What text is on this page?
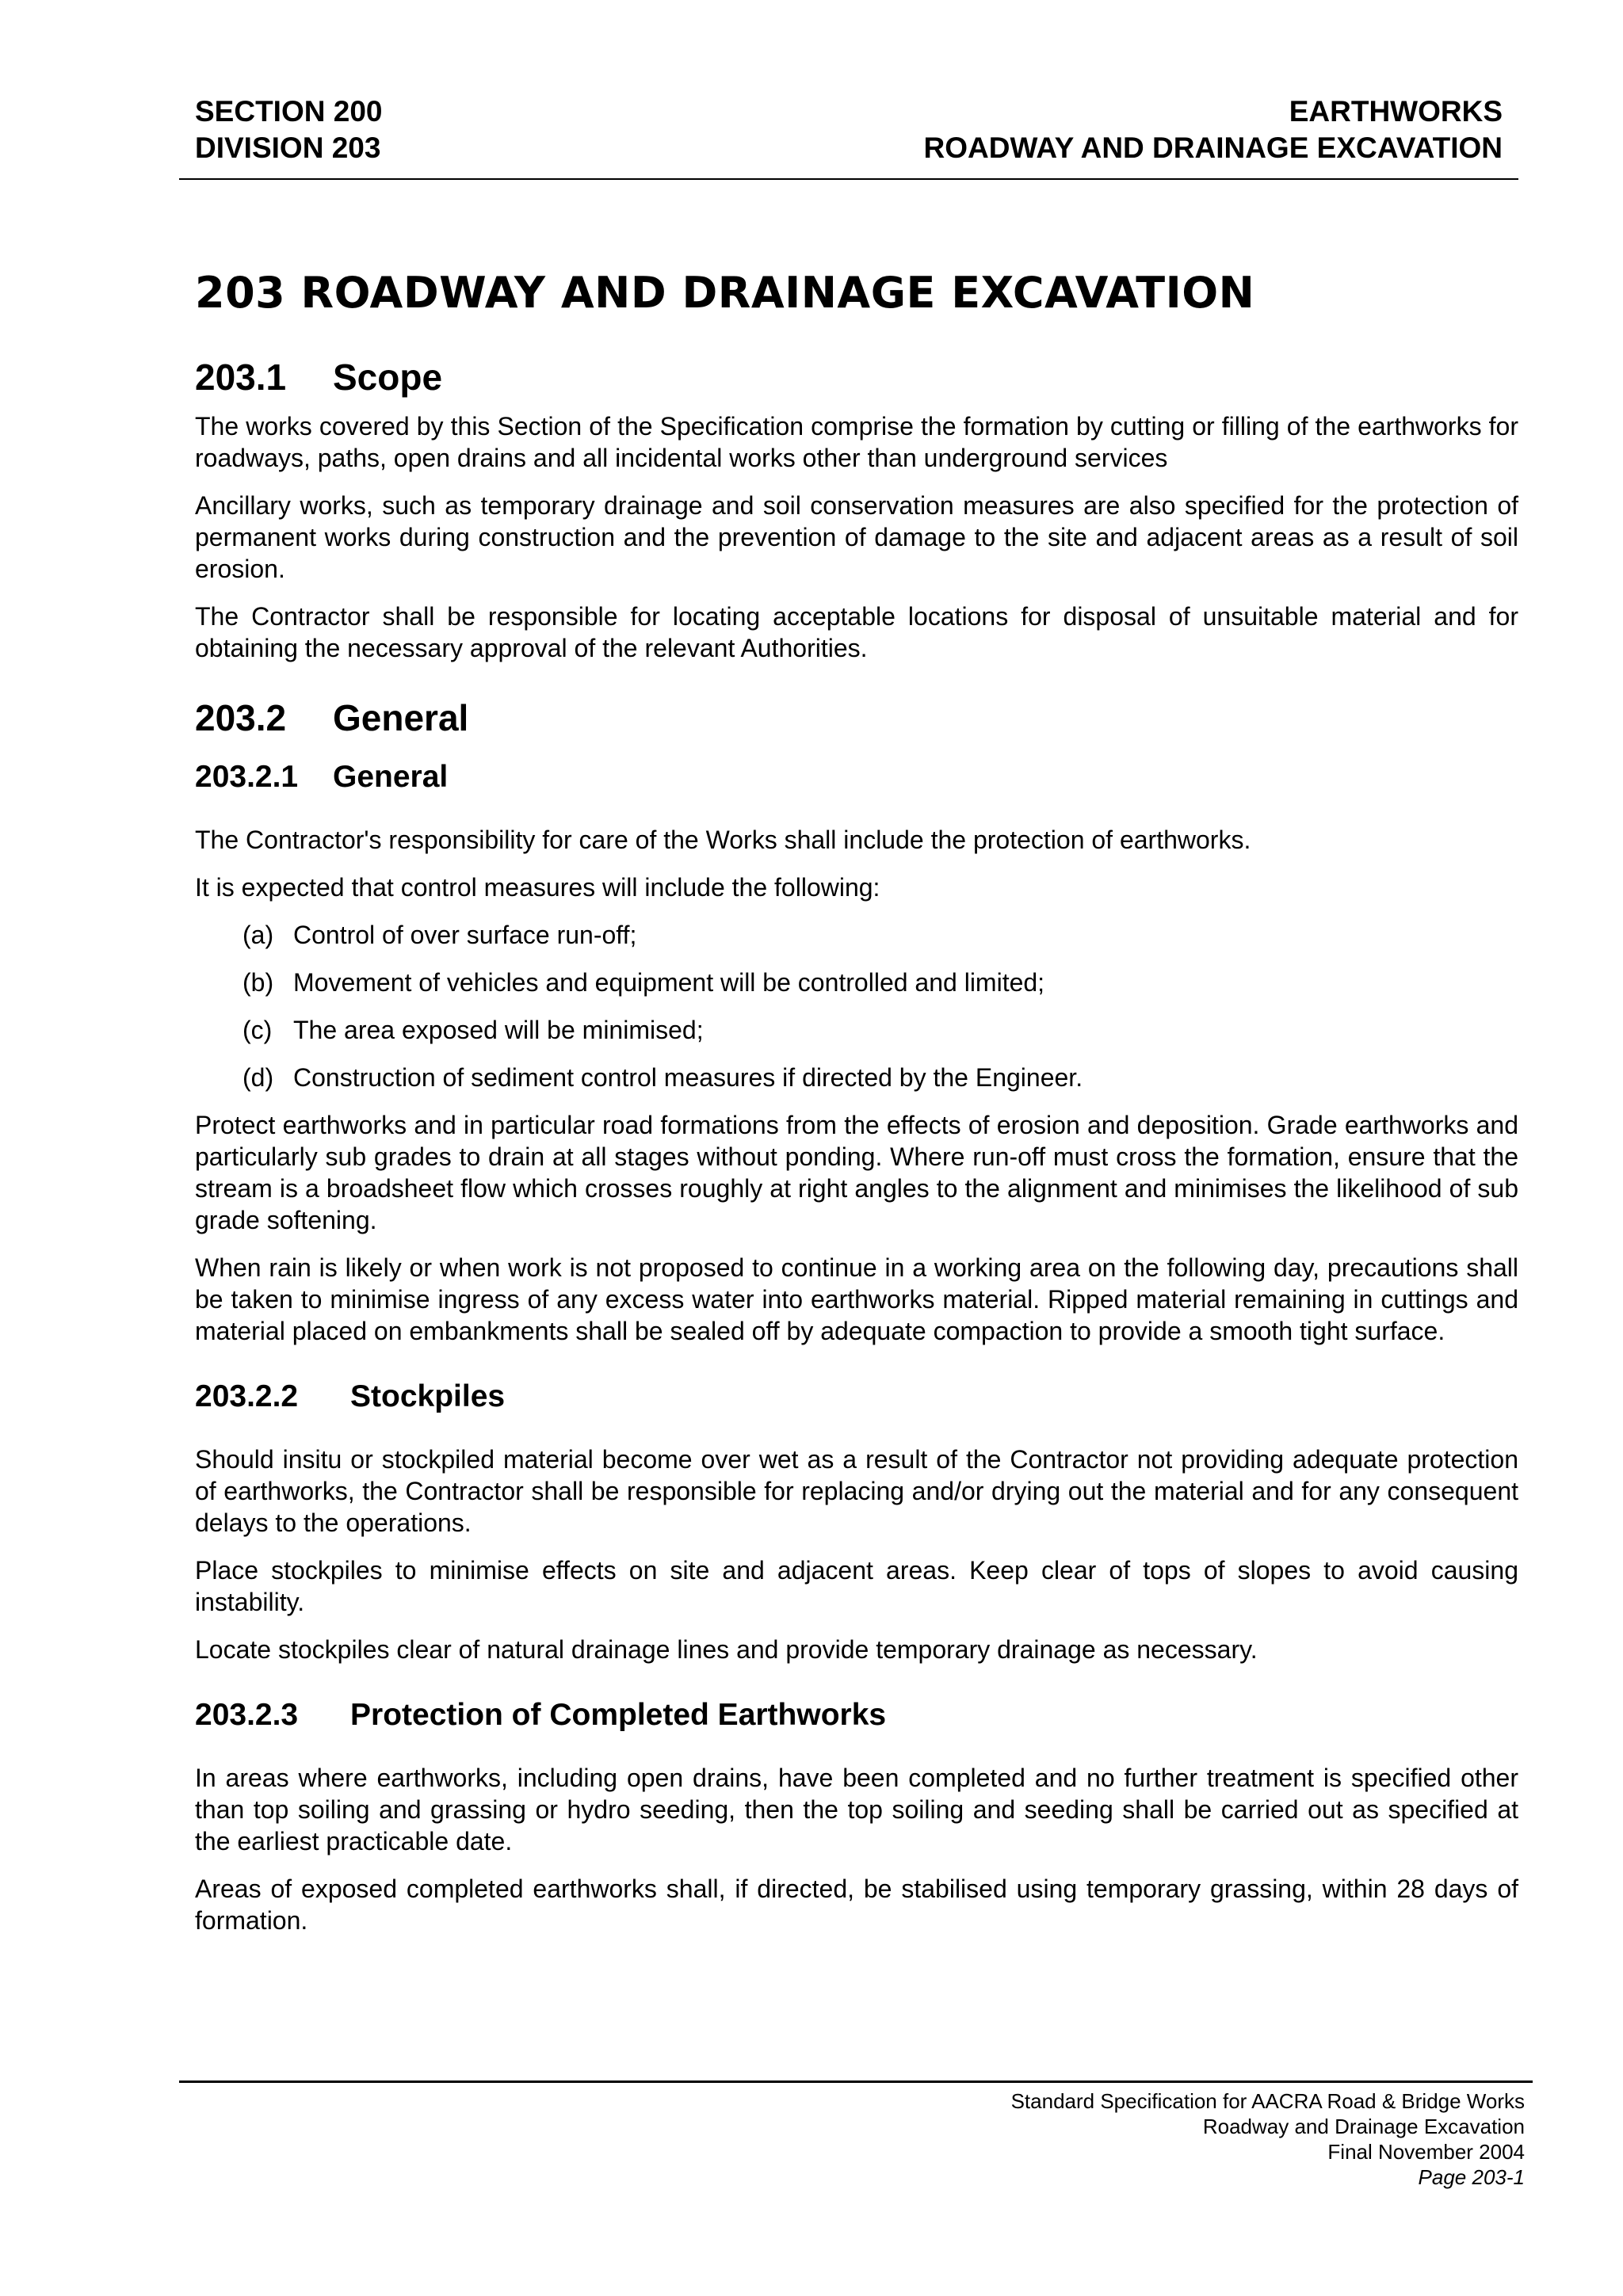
SECTION 200
DIVISION 203
EARTHWORKS
ROADWAY AND DRAINAGE EXCAVATION
203 ROADWAY AND DRAINAGE EXCAVATION
203.1 Scope

The works covered by this Section of the Specification comprise the formation by cutting or filling of the earthworks for roadways, paths, open drains and all incidental works other than underground services

Ancillary works, such as temporary drainage and soil conservation measures are also specified for the protection of permanent works during construction and the prevention of damage to the site and adjacent areas as a result of soil erosion.

The Contractor shall be responsible for locating acceptable locations for disposal of unsuitable material and for obtaining the necessary approval of the relevant Authorities.

203.2 General
203.2.1 General

The Contractor's responsibility for care of the Works shall include the protection of earthworks.

It is expected that control measures will include the following:

(a) Control of over surface run-off;
(b) Movement of vehicles and equipment will be controlled and limited;
(c) The area exposed will be minimised;
(d) Construction of sediment control measures if directed by the Engineer.

Protect earthworks and in particular road formations from the effects of erosion and deposition. Grade earthworks and particularly sub grades to drain at all stages without ponding. Where run-off must cross the formation, ensure that the stream is a broadsheet flow which crosses roughly at right angles to the alignment and minimises the likelihood of sub grade softening.

When rain is likely or when work is not proposed to continue in a working area on the following day, precautions shall be taken to minimise ingress of any excess water into earthworks material. Ripped material remaining in cuttings and material placed on embankments shall be sealed off by adequate compaction to provide a smooth tight surface.

203.2.2 Stockpiles

Should insitu or stockpiled material become over wet as a result of the Contractor not providing adequate protection of earthworks, the Contractor shall be responsible for replacing and/or drying out the material and for any consequent delays to the operations.

Place stockpiles to minimise effects on site and adjacent areas. Keep clear of tops of slopes to avoid causing instability.

Locate stockpiles clear of natural drainage lines and provide temporary drainage as necessary.

203.2.3 Protection of Completed Earthworks

In areas where earthworks, including open drains, have been completed and no further treatment is specified other than top soiling and grassing or hydro seeding, then the top soiling and seeding shall be carried out as specified at the earliest practicable date.

Areas of exposed completed earthworks shall, if directed, be stabilised using temporary grassing, within 28 days of formation.

Standard Specification for AACRA Road & Bridge Works
Roadway and Drainage Excavation
Final November 2004
Page 203-1
